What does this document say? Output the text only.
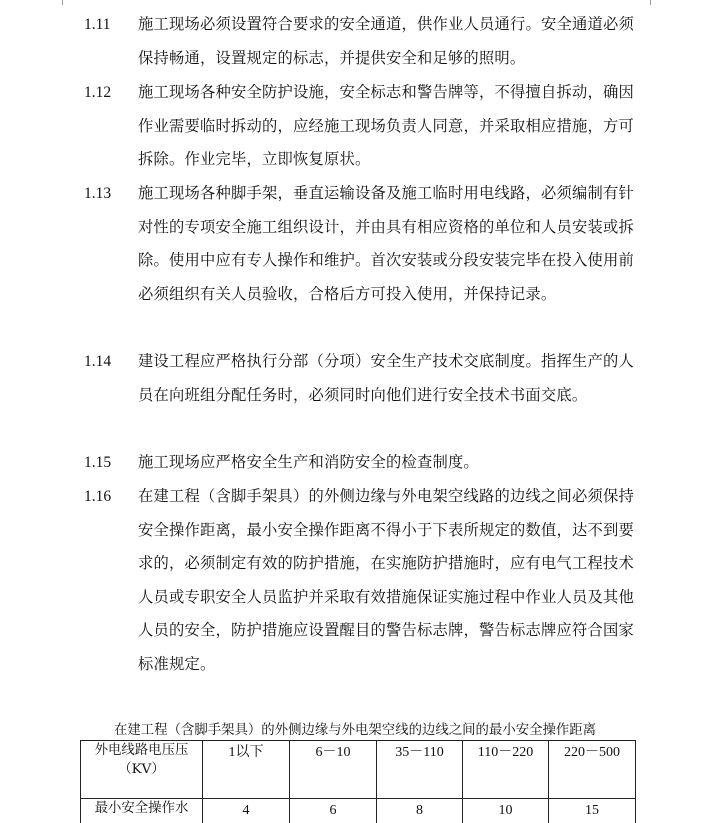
1.11 施工现场必须设置符合要求的安全通道，供作业人员通行。安全通道必须保持畅通，设置规定的标志，并提供安全和足够的照明。
1.12 施工现场各种安全防护设施，安全标志和警告牌等，不得擅自拆动，确因作业需要临时拆动的，应经施工现场负责人同意，并采取相应措施，方可拆除。作业完毕，立即恢复原状。
1.13 施工现场各种脚手架，垂直运输设备及施工临时用电线路，必须编制有针对性的专项安全施工组织设计，并由具有相应资格的单位和人员安装或拆除。使用中应有专人操作和维护。首次安装或分段安装完毕在投入使用前必须组织有关人员验收，合格后方可投入使用，并保持记录。
1.14 建设工程应严格执行分部（分项）安全生产技术交底制度。指挥生产的人员在向班组分配任务时，必须同时向他们进行安全技术书面交底。
1.15 施工现场应严格安全生产和消防安全的检查制度。
1.16 在建工程（含脚手架具）的外侧边缘与外电架空线路的边线之间必须保持安全操作距离，最小安全操作距离不得小于下表所规定的数值，达不到要求的，必须制定有效的防护措施，在实施防护措施时，应有电气工程技术人员或专职安全人员监护并采取有效措施保证实施过程中作业人员及其他人员的安全，防护措施应设置醒目的警告标志牌，警告标志牌应符合国家标准规定。
在建工程（含脚手架具）的外侧边缘与外电架空线的边线之间的最小安全操作距离
外电线路电压压（KV）	1以下	6－10	35－110	110－220	220－500
最小安全操作水	4	6	8	10	15
